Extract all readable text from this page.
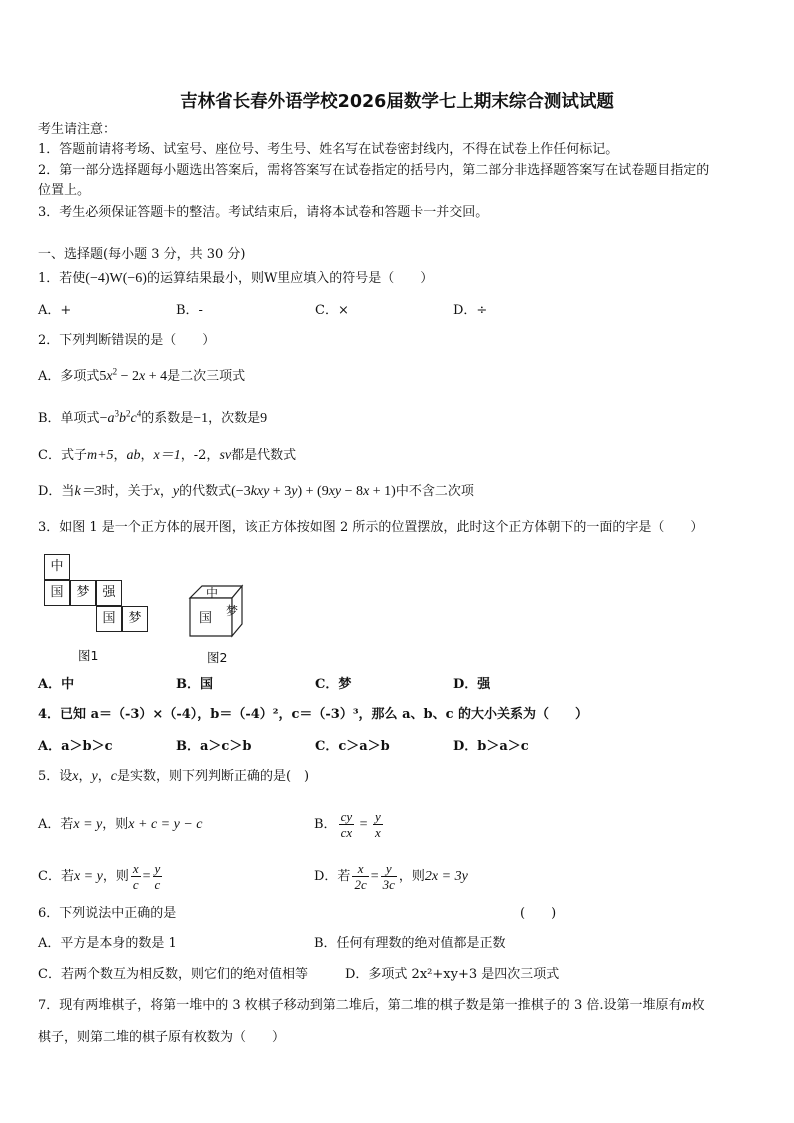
吉林省长春外语学校2026届数学七上期末综合测试试题
考生请注意：
1．答题前请将考场、试室号、座位号、考生号、姓名写在试卷密封线内，不得在试卷上作任何标记。
2．第一部分选择题每小题选出答案后，需将答案写在试卷指定的括号内，第二部分非选择题答案写在试卷题目指定的
位置上。
3．考生必须保证答题卡的整洁。考试结束后，请将本试卷和答题卡一并交回。
一、选择题(每小题 3 分，共 30 分)
1．若使(−4)W(−6)的运算结果最小，则W里应填入的符号是（　　）
A．+	B．-	C．×	D．÷
2．下列判断错误的是（　　）
A．多项式$5x^2 - 2x + 4$是二次三项式
B．单项式$-a^3b^2c^4$的系数是−1，次数是9
C．式子m+5，ab，x＝1，-2，sv都是代数式
D．当k＝3时，关于x，y的代数式(−3kxy + 3y) + (9xy − 8x + 1)中不含二次项
3．如图 1 是一个正方体的展开图，该正方体按如图 2 所示的位置摆放，此时这个正方体朝下的一面的字是（　　）
中
国 梦 强
国 梦
图1
中
国 梦
图2
A．中	B．国	C．梦	D．强
4．已知 a＝（-3）×（-4），b＝（-4）²，c＝（-3）³，那么 a、b、c 的大小关系为（　　）
A．a＞b＞c	B．a＞c＞b	C．c＞a＞b	D．b＞a＞c
5．设x，y，c是实数，则下列判断正确的是(　)
A．若x = y，则x + c = y − c	B． $\frac{cy}{cx} = \frac{y}{x}$
C．若x = y，则 $\frac{x}{c} = \frac{y}{c}$	D．若 $\frac{x}{2c} = \frac{y}{3c}$ ，则2x = 3y
6．下列说法中正确的是	(　　)
A．平方是本身的数是 1	B．任何有理数的绝对值都是正数
C．若两个数互为相反数，则它们的绝对值相等	D．多项式 2x²+xy+3 是四次三项式
7．现有两堆棋子，将第一堆中的 3 枚棋子移动到第二堆后，第二堆的棋子数是第一推棋子的 3 倍.设第一堆原有m枚
棋子，则第二堆的棋子原有枚数为（　　）
